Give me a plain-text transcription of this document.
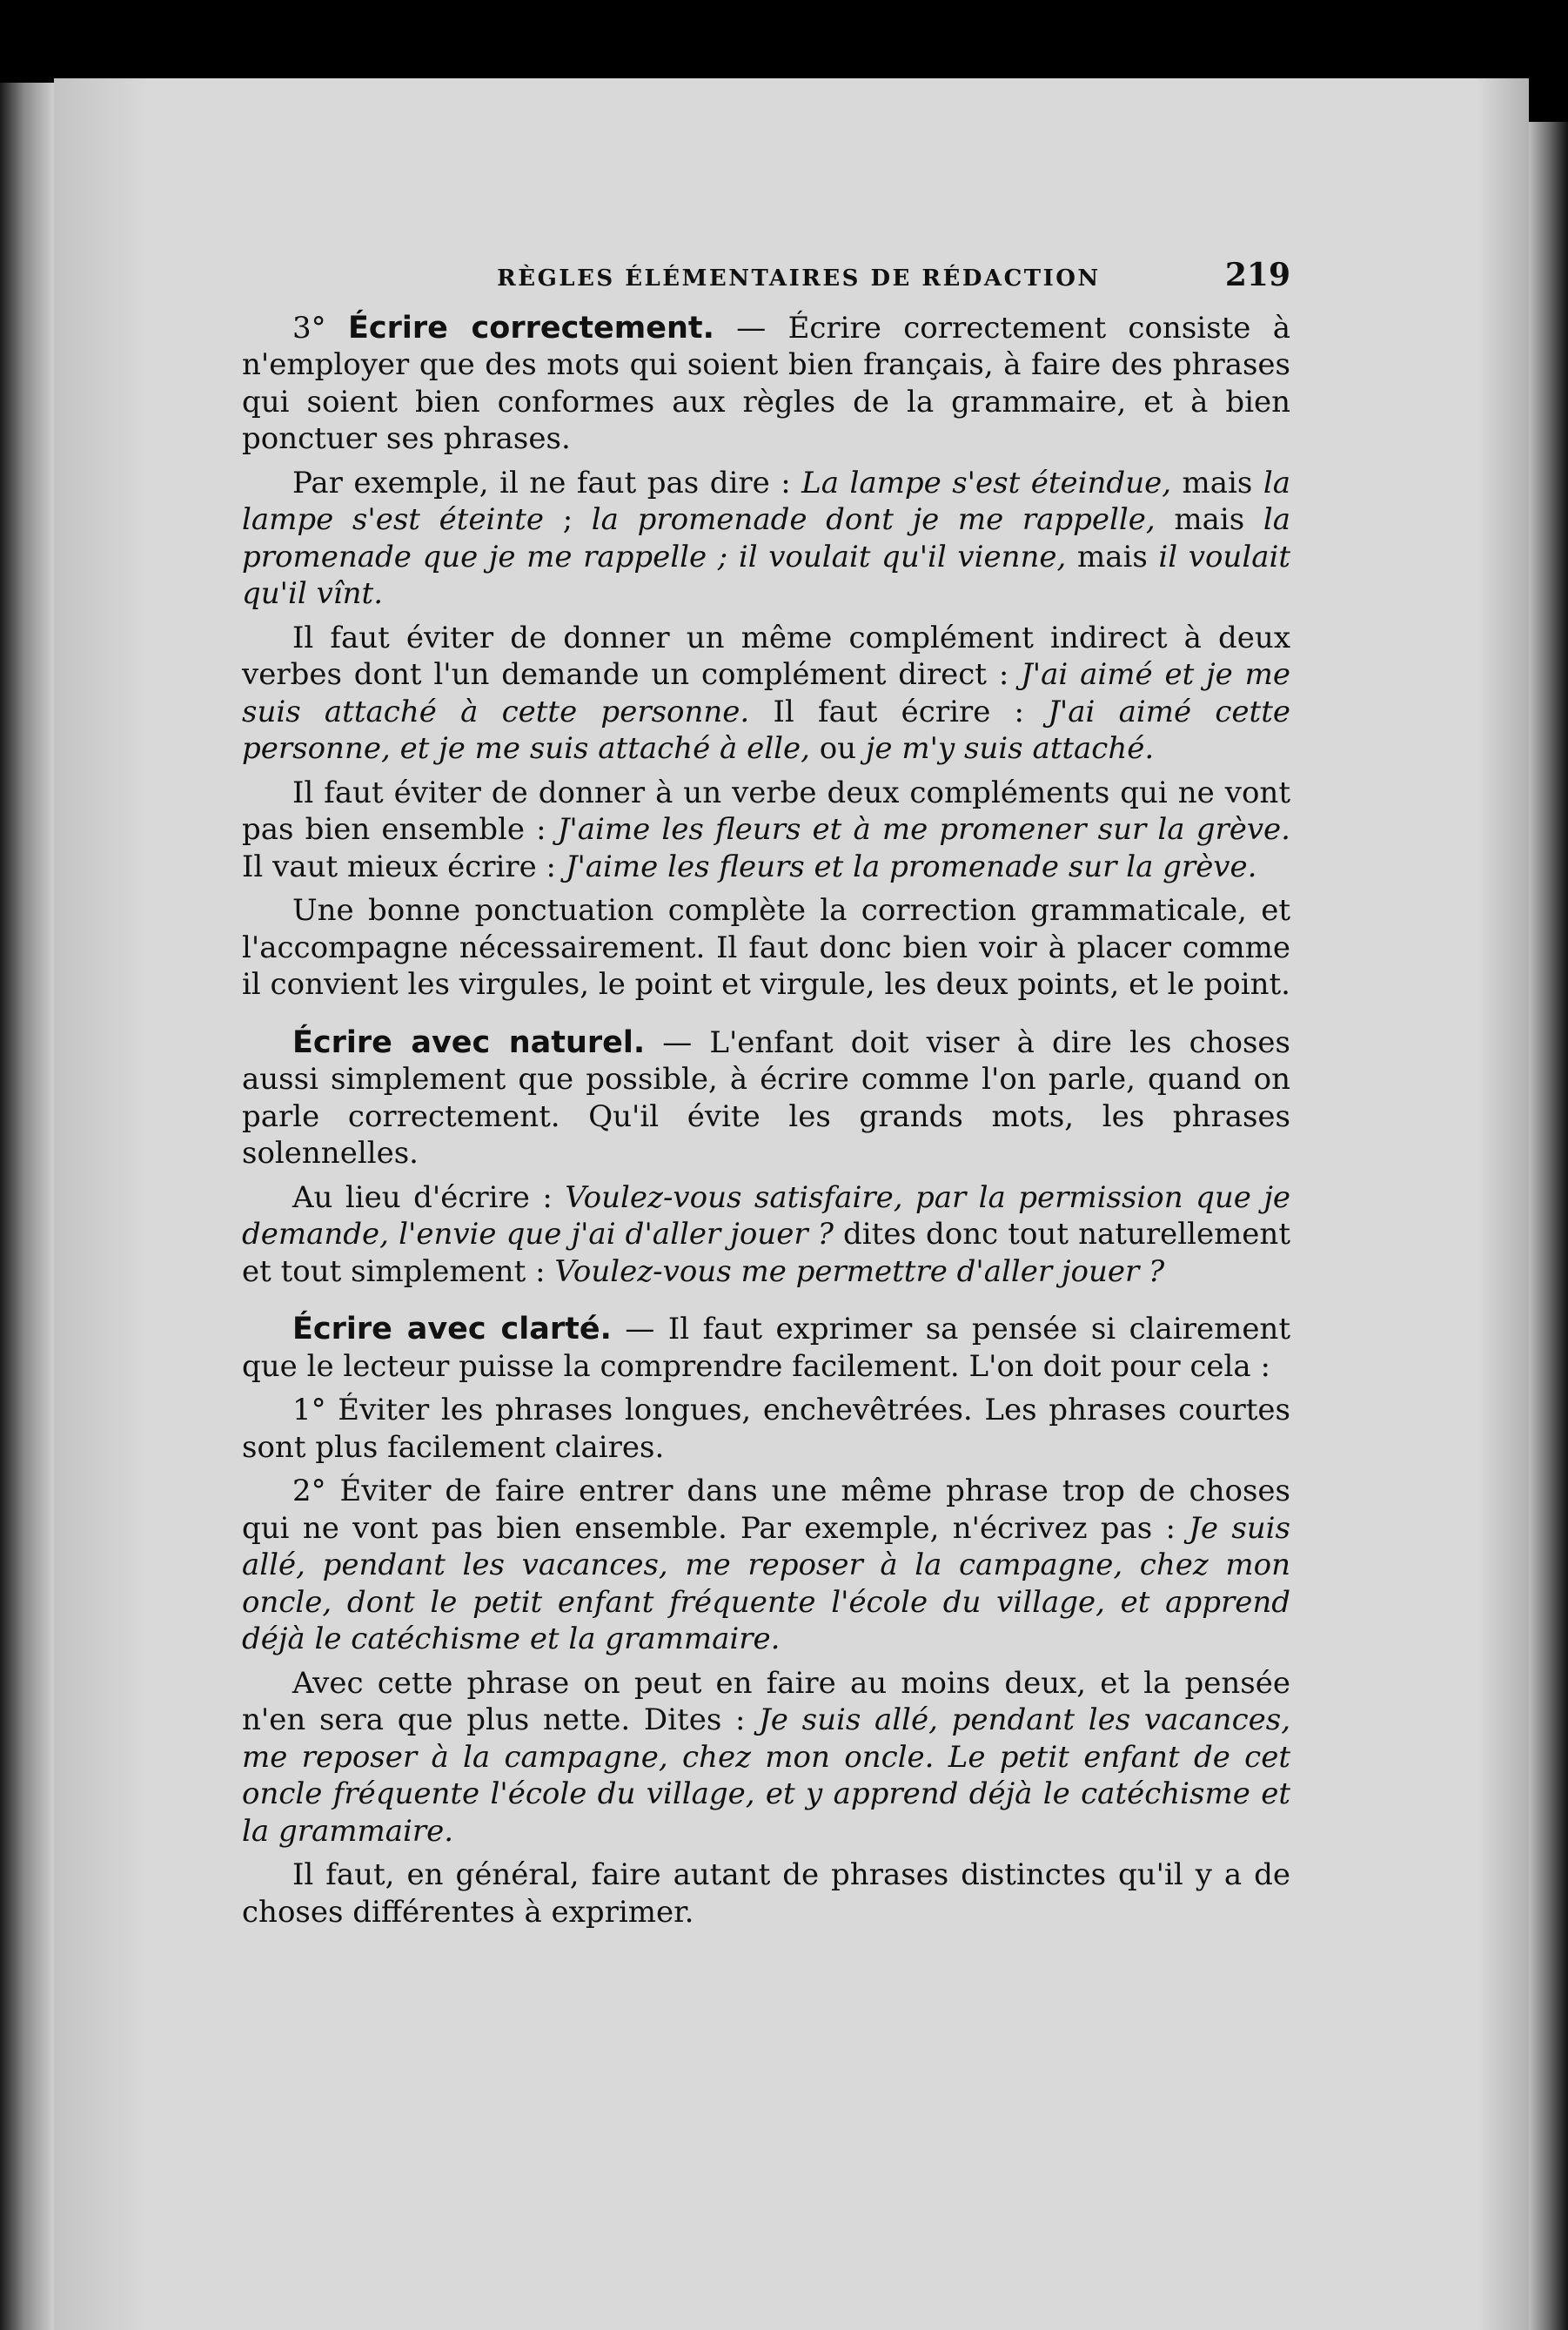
RÈGLES ÉLÉMENTAIRES DE RÉDACTION	219

3° Écrire correctement. — Écrire correctement consiste à n'employer que des mots qui soient bien français, à faire des phrases qui soient bien conformes aux règles de la grammaire, et à bien ponctuer ses phrases.

Par exemple, il ne faut pas dire : La lampe s'est éteindue, mais la lampe s'est éteinte ; la promenade dont je me rappelle, mais la promenade que je me rappelle ; il voulait qu'il vienne, mais il voulait qu'il vînt.

Il faut éviter de donner un même complément indirect à deux verbes dont l'un demande un complément direct : J'ai aimé et je me suis attaché à cette personne. Il faut écrire : J'ai aimé cette personne, et je me suis attaché à elle, ou je m'y suis attaché.

Il faut éviter de donner à un verbe deux compléments qui ne vont pas bien ensemble : J'aime les fleurs et à me promener sur la grève. Il vaut mieux écrire : J'aime les fleurs et la promenade sur la grève.

Une bonne ponctuation complète la correction grammaticale, et l'accompagne nécessairement. Il faut donc bien voir à placer comme il convient les virgules, le point et virgule, les deux points, et le point.

Écrire avec naturel. — L'enfant doit viser à dire les choses aussi simplement que possible, à écrire comme l'on parle, quand on parle correctement. Qu'il évite les grands mots, les phrases solennelles.

Au lieu d'écrire : Voulez-vous satisfaire, par la permission que je demande, l'envie que j'ai d'aller jouer ? dites donc tout naturellement et tout simplement : Voulez-vous me permettre d'aller jouer ?

Écrire avec clarté. — Il faut exprimer sa pensée si clairement que le lecteur puisse la comprendre facilement. L'on doit pour cela :

1° Éviter les phrases longues, enchevêtrées. Les phrases courtes sont plus facilement claires.

2° Éviter de faire entrer dans une même phrase trop de choses qui ne vont pas bien ensemble. Par exemple, n'écrivez pas : Je suis allé, pendant les vacances, me reposer à la campagne, chez mon oncle, dont le petit enfant fréquente l'école du village, et apprend déjà le catéchisme et la grammaire.

Avec cette phrase on peut en faire au moins deux, et la pensée n'en sera que plus nette. Dites : Je suis allé, pendant les vacances, me reposer à la campagne, chez mon oncle. Le petit enfant de cet oncle fréquente l'école du village, et y apprend déjà le catéchisme et la grammaire.

Il faut, en général, faire autant de phrases distinctes qu'il y a de choses différentes à exprimer.
